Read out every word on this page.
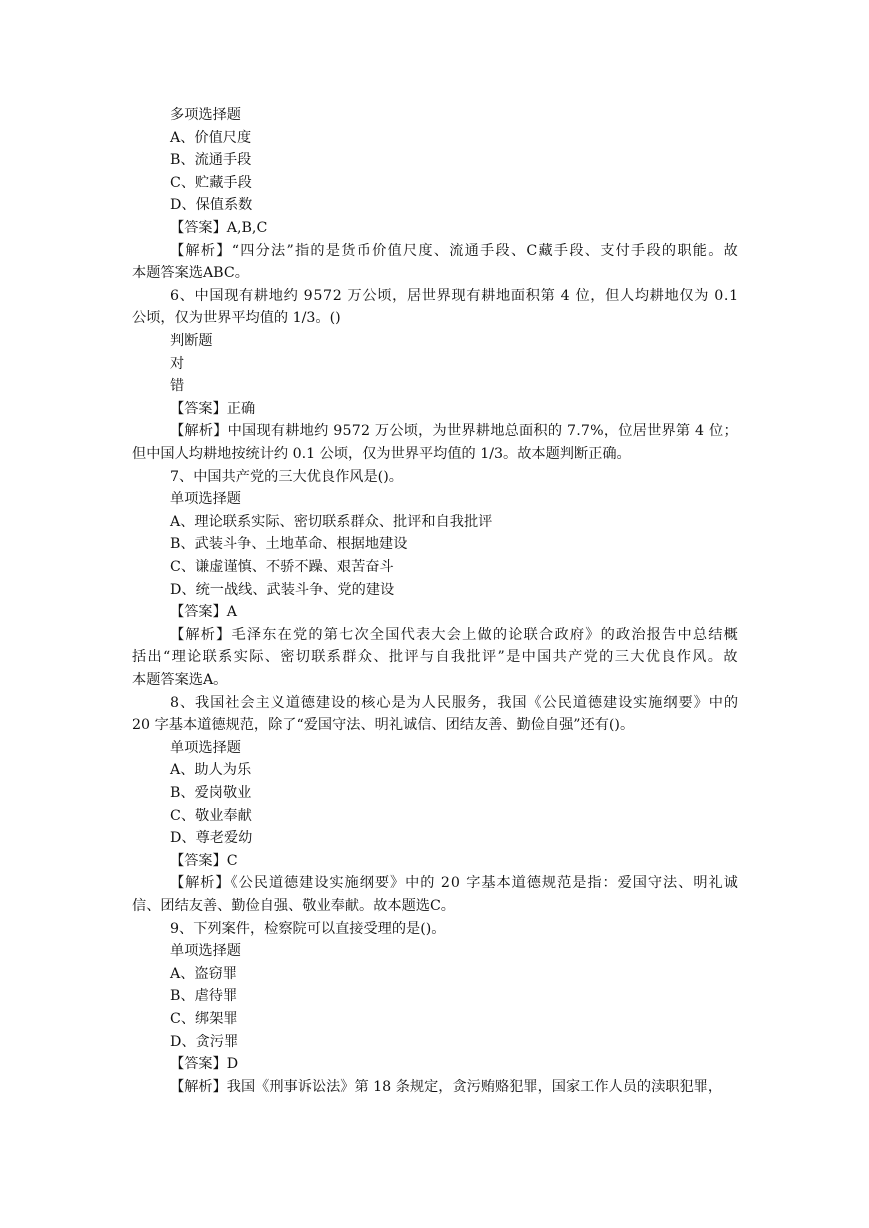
多项选择题
A、价值尺度
B、流通手段
C、贮藏手段
D、保值系数
【答案】A,B,C
【解析】“四分法”指的是货币价值尺度、流通手段、C藏手段、支付手段的职能。故
本题答案选ABC。
6、中国现有耕地约 9572 万公顷，居世界现有耕地面积第 4 位，但人均耕地仅为 0.1
公顷，仅为世界平均值的 1/3。()
判断题
对
错
【答案】正确
【解析】中国现有耕地约 9572 万公顷，为世界耕地总面积的 7.7%，位居世界第 4 位；
但中国人均耕地按统计约 0.1 公顷，仅为世界平均值的 1/3。故本题判断正确。
7、中国共产党的三大优良作风是()。
单项选择题
A、理论联系实际、密切联系群众、批评和自我批评
B、武装斗争、土地革命、根据地建设
C、谦虚谨慎、不骄不躁、艰苦奋斗
D、统一战线、武装斗争、党的建设
【答案】A
【解析】毛泽东在党的第七次全国代表大会上做的论联合政府》的政治报告中总结概
括出“理论联系实际、密切联系群众、批评与自我批评”是中国共产党的三大优良作风。故
本题答案选A。
8、我国社会主义道德建设的核心是为人民服务，我国《公民道德建设实施纲要》中的
20 字基本道德规范，除了“爱国守法、明礼诚信、团结友善、勤俭自强”还有()。
单项选择题
A、助人为乐
B、爱岗敬业
C、敬业奉献
D、尊老爱幼
【答案】C
【解析】《公民道德建设实施纲要》中的 20 字基本道德规范是指：爱国守法、明礼诚
信、团结友善、勤俭自强、敬业奉献。故本题选C。
9、下列案件，检察院可以直接受理的是()。
单项选择题
A、盗窃罪
B、虐待罪
C、绑架罪
D、贪污罪
【答案】D
【解析】我国《刑事诉讼法》第 18 条规定，贪污贿赂犯罪，国家工作人员的渎职犯罪，
